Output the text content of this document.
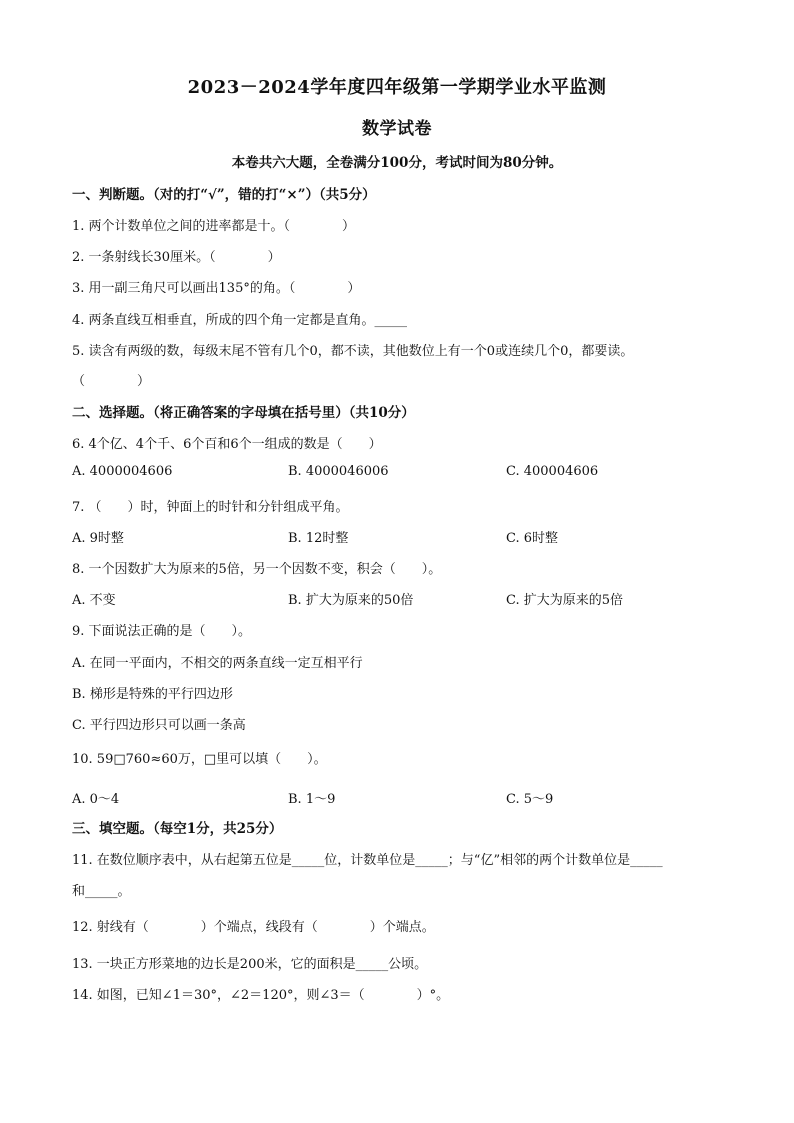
2023－2024学年度四年级第一学期学业水平监测
数学试卷
本卷共六大题，全卷满分100分，考试时间为80分钟。
一、判断题。（对的打“√”，错的打“×”）（共5分）
1. 两个计数单位之间的进率都是十。（　　　　）
2. 一条射线长30厘米。（　　　　）
3. 用一副三角尺可以画出135°的角。（　　　　）
4. 两条直线互相垂直，所成的四个角一定都是直角。_____
5. 读含有两级的数，每级末尾不管有几个0，都不读，其他数位上有一个0或连续几个0，都要读。
（　　　　）
二、选择题。（将正确答案的字母填在括号里）（共10分）
6. 4个亿、4个千、6个百和6个一组成的数是（　　）
A. 4000004606	B. 4000046006	C. 400004606
7. （　　）时，钟面上的时针和分针组成平角。
A. 9时整	B. 12时整	C. 6时整
8. 一个因数扩大为原来的5倍，另一个因数不变，积会（　　）。
A. 不变	B. 扩大为原来的50倍	C. 扩大为原来的5倍
9. 下面说法正确的是（　　）。
A. 在同一平面内，不相交的两条直线一定互相平行
B. 梯形是特殊的平行四边形
C. 平行四边形只可以画一条高
10. 59□760≈60万，□里可以填（　　）。
A. 0～4	B. 1～9	C. 5～9
三、填空题。（每空1分，共25分）
11. 在数位顺序表中，从右起第五位是_____位，计数单位是_____；与“亿”相邻的两个计数单位是_____
和_____。
12. 射线有（　　　　）个端点，线段有（　　　　）个端点。
13. 一块正方形菜地的边长是200米，它的面积是_____公顷。
14. 如图，已知∠1＝30°，∠2＝120°，则∠3＝（　　　　）°。
